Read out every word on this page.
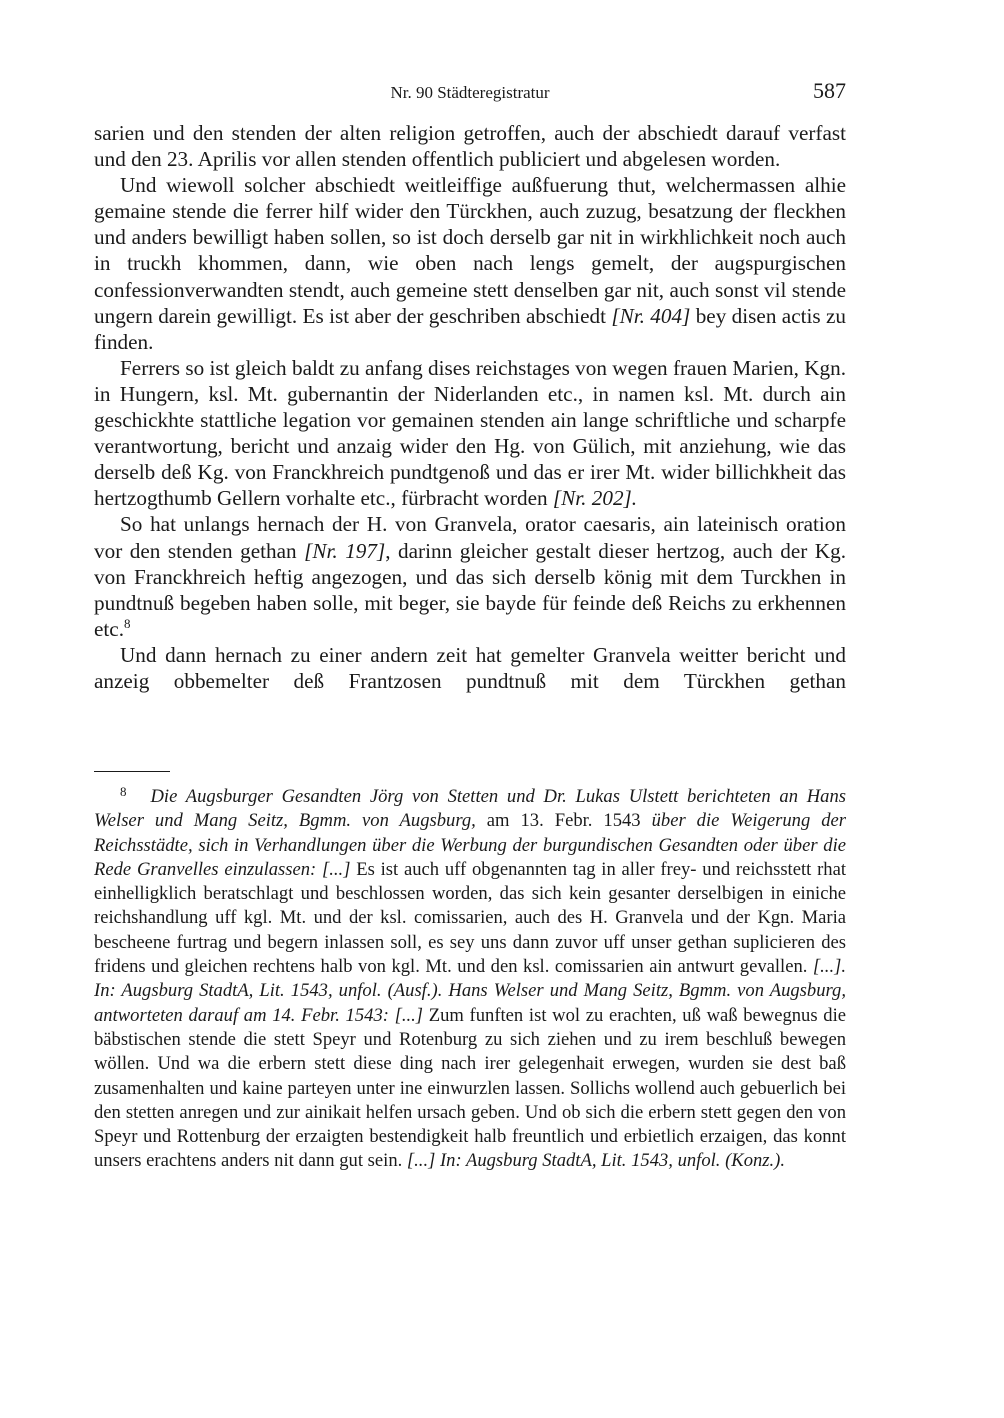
Nr. 90 Städteregistratur	587

sarien und den stenden der alten religion getroffen, auch der abschiedt darauf verfast und den 23. Aprilis vor allen stenden offentlich publiciert und abgelesen worden.

Und wiewoll solcher abschiedt weitleiffige außfuerung thut, welchermassen alhie gemaine stende die ferrer hilf wider den Türckhen, auch zuzug, besatzung der fleckhen und anders bewilligt haben sollen, so ist doch derselb gar nit in wirkhlichkeit noch auch in truckh khommen, dann, wie oben nach lengs gemelt, der augspurgischen confessionverwandten stendt, auch gemeine stett denselben gar nit, auch sonst vil stende ungern darein gewilligt. Es ist aber der geschriben abschiedt [Nr. 404] bey disen actis zu finden.

Ferrers so ist gleich baldt zu anfang dises reichstages von wegen frauen Marien, Kgn. in Hungern, ksl. Mt. gubernantin der Niderlanden etc., in namen ksl. Mt. durch ain geschickhte stattliche legation vor gemainen stenden ain lange schriftliche und scharpfe verantwortung, bericht und anzaig wider den Hg. von Gülich, mit anziehung, wie das derselb deß Kg. von Franckhreich pundtgenoß und das er irer Mt. wider billichkheit das hertzogthumb Gellern vorhalte etc., fürbracht worden [Nr. 202].

So hat unlangs hernach der H. von Granvela, orator caesaris, ain lateinisch oration vor den stenden gethan [Nr. 197], darinn gleicher gestalt dieser hertzog, auch der Kg. von Franckhreich heftig angezogen, und das sich derselb könig mit dem Turckhen in pundtnuß begeben haben solle, mit beger, sie bayde für feinde deß Reichs zu erkhennen etc.$^8$

Und dann hernach zu einer andern zeit hat gemelter Granvela weitter bericht und anzeig obbemelter deß Frantzosen pundtnuß mit dem Türckhen gethan

$^8$ Die Augsburger Gesandten Jörg von Stetten und Dr. Lukas Ulstett berichteten an Hans Welser und Mang Seitz, Bgmm. von Augsburg, am 13. Febr. 1543 über die Weigerung der Reichsstädte, sich in Verhandlungen über die Werbung der burgundischen Gesandten oder über die Rede Granvelles einzulassen: [...] Es ist auch uff obgenannten tag in aller frey- und reichsstett rhat einhelligklich beratschlagt und beschlossen worden, das sich kein gesanter derselbigen in einiche reichshandlung uff kgl. Mt. und der ksl. comissarien, auch des H. Granvela und der Kgn. Maria bescheene furtrag und begern inlassen soll, es sey uns dann zuvor uff unser gethan suplicieren des fridens und gleichen rechtens halb von kgl. Mt. und den ksl. comissarien ain antwurt gevallen. [...]. In: Augsburg StadtA, Lit. 1543, unfol. (Ausf.). Hans Welser und Mang Seitz, Bgmm. von Augsburg, antworteten darauf am 14. Febr. 1543: [...] Zum funften ist wol zu erachten, uß waß bewegnus die bäbstischen stende die stett Speyr und Rotenburg zu sich ziehen und zu irem beschluß bewegen wöllen. Und wa die erbern stett diese ding nach irer gelegenhait erwegen, wurden sie dest baß zusamenhalten und kaine parteyen unter ine einwurzlen lassen. Sollichs wollend auch gebuerlich bei den stetten anregen und zur ainikait helfen ursach geben. Und ob sich die erbern stett gegen den von Speyr und Rottenburg der erzaigten bestendigkeit halb freuntlich und erbietlich erzaigen, das konnt unsers erachtens anders nit dann gut sein. [...] In: Augsburg StadtA, Lit. 1543, unfol. (Konz.).
